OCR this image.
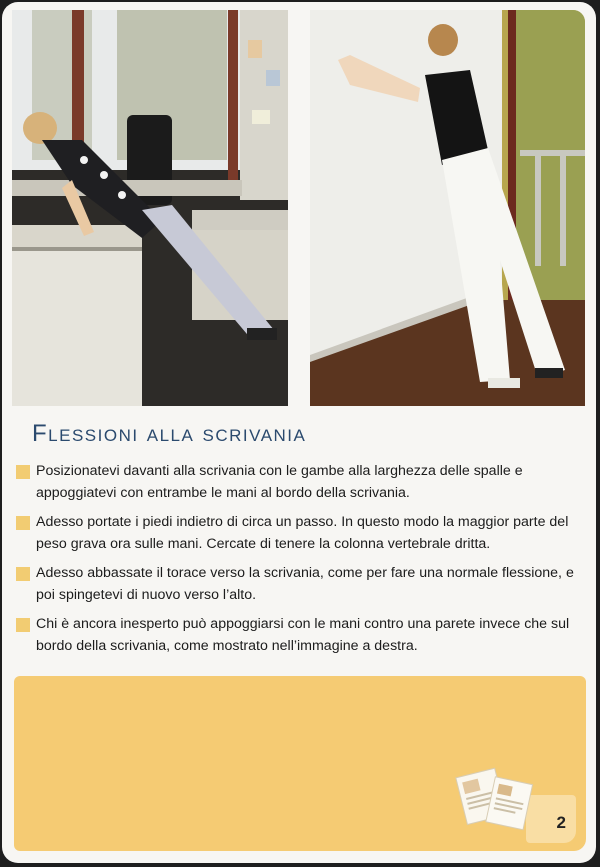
Flessioni alla scrivania
Posizionatevi davanti alla scrivania con le gambe alla larghezza delle spalle e appoggiatevi con entrambe le mani al bordo della scrivania.
Adesso portate i piedi indietro di circa un passo. In questo modo la maggior parte del peso grava ora sulle mani. Cercate di tenere la colonna vertebrale dritta.
Adesso abbassate il torace verso la scrivania, come per fare una normale flessione, e poi spingetevi di nuovo verso l’alto.
Chi è ancora inesperto può appoggiarsi con le mani contro una parete invece che sul bordo della scrivania, come mostrato nell’immagine a destra.
2
